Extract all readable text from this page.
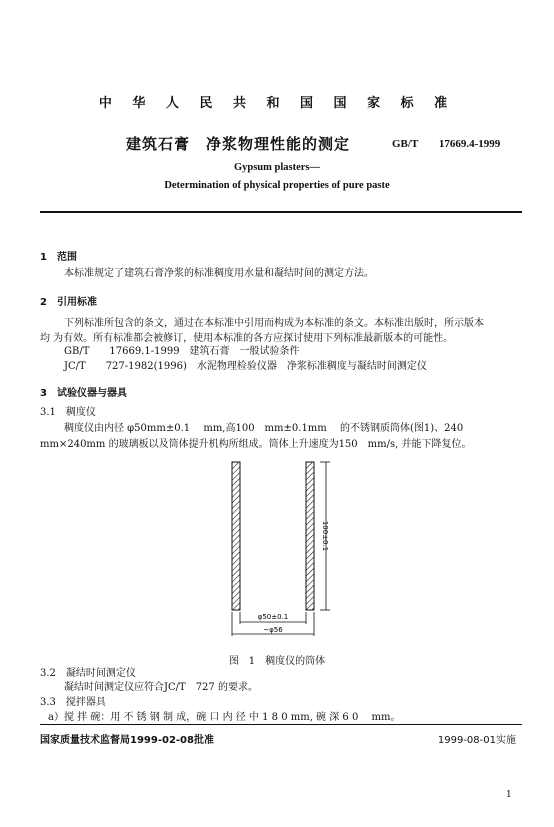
中 华 人 民 共 和 国 国 家 标 准
建筑石膏　净浆物理性能的测定	GB/T 17669.4-1999
Gypsum plasters—
Determination of physical properties of pure paste
1　范围
本标准规定了建筑石膏净浆的标准稠度用水量和凝结时间的测定方法。
2　引用标准
下列标准所包含的条文，通过在本标准中引用而构成为本标准的条文。本标准出版时，所示版本
均 为有效。所有标准都会被修订，使用本标准的各方应探讨使用下列标准最新版本的可能性。
GB/T　　17669.1-1999　建筑石膏　一般试验条件
JC/T　　727-1982(1996)　水泥物理检验仪器　净浆标准稠度与凝结时间测定仪
3　试验仪器与器具
3.1　稠度仪
稠度仪由内径 φ50mm±0.1　 mm,高100　mm±0.1mm　 的不锈钢质筒体(图1)、240
mm×240mm 的玻璃板以及筒体提升机构所组成。筒体上升速度为150　mm/s, 并能下降复位。
100±0.1
φ50±0.1
~φ56
图　1　稠度仪的筒体
3.2　凝结时间测定仪
凝结时间测定仪应符合JC/T　727 的要求。
3.3　搅拌器具
a）搅 拌 碗：用 不 锈 钢 制 成，碗 口 内 径 中 1 8 0 mm, 碗 深 6 0　 mm。
国家质量技术监督局1999-02-08批准	1999-08-01实施
1
